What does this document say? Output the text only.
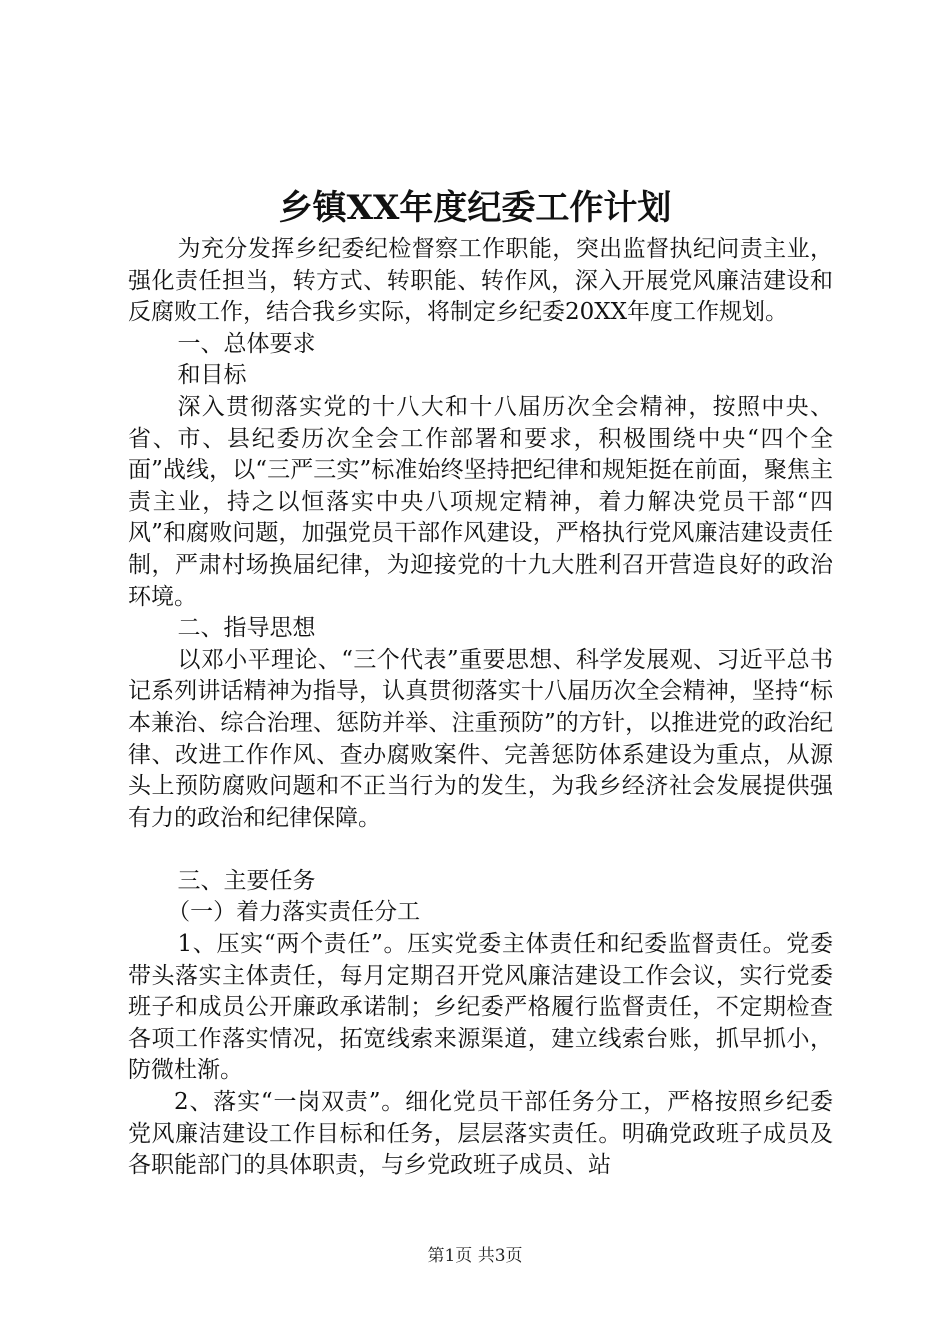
乡镇XX年度纪委工作计划

为充分发挥乡纪委纪检督察工作职能，突出监督执纪问责主业，强化责任担当，转方式、转职能、转作风，深入开展党风廉洁建设和反腐败工作，结合我乡实际，将制定乡纪委20XX年度工作规划。

一、总体要求

和目标

深入贯彻落实党的十八大和十八届历次全会精神，按照中央、省、市、县纪委历次全会工作部署和要求，积极围绕中央“四个全面”战线，以“三严三实”标准始终坚持把纪律和规矩挺在前面，聚焦主责主业，持之以恒落实中央八项规定精神，着力解决党员干部“四风”和腐败问题，加强党员干部作风建设，严格执行党风廉洁建设责任制，严肃村场换届纪律，为迎接党的十九大胜利召开营造良好的政治环境。

二、指导思想

以邓小平理论、“三个代表”重要思想、科学发展观、习近平总书记系列讲话精神为指导，认真贯彻落实十八届历次全会精神，坚持“标本兼治、综合治理、惩防并举、注重预防”的方针，以推进党的政治纪律、改进工作作风、查办腐败案件、完善惩防体系建设为重点，从源头上预防腐败问题和不正当行为的发生，为我乡经济社会发展提供强有力的政治和纪律保障。

三、主要任务

（一）着力落实责任分工

1、压实“两个责任”。压实党委主体责任和纪委监督责任。党委带头落实主体责任，每月定期召开党风廉洁建设工作会议，实行党委班子和成员公开廉政承诺制；乡纪委严格履行监督责任，不定期检查各项工作落实情况，拓宽线索来源渠道，建立线索台账，抓早抓小，防微杜渐。

2、落实“一岗双责”。细化党员干部任务分工，严格按照乡纪委党风廉洁建设工作目标和任务，层层落实责任。明确党政班子成员及各职能部门的具体职责，与乡党政班子成员、站

第1页 共3页
